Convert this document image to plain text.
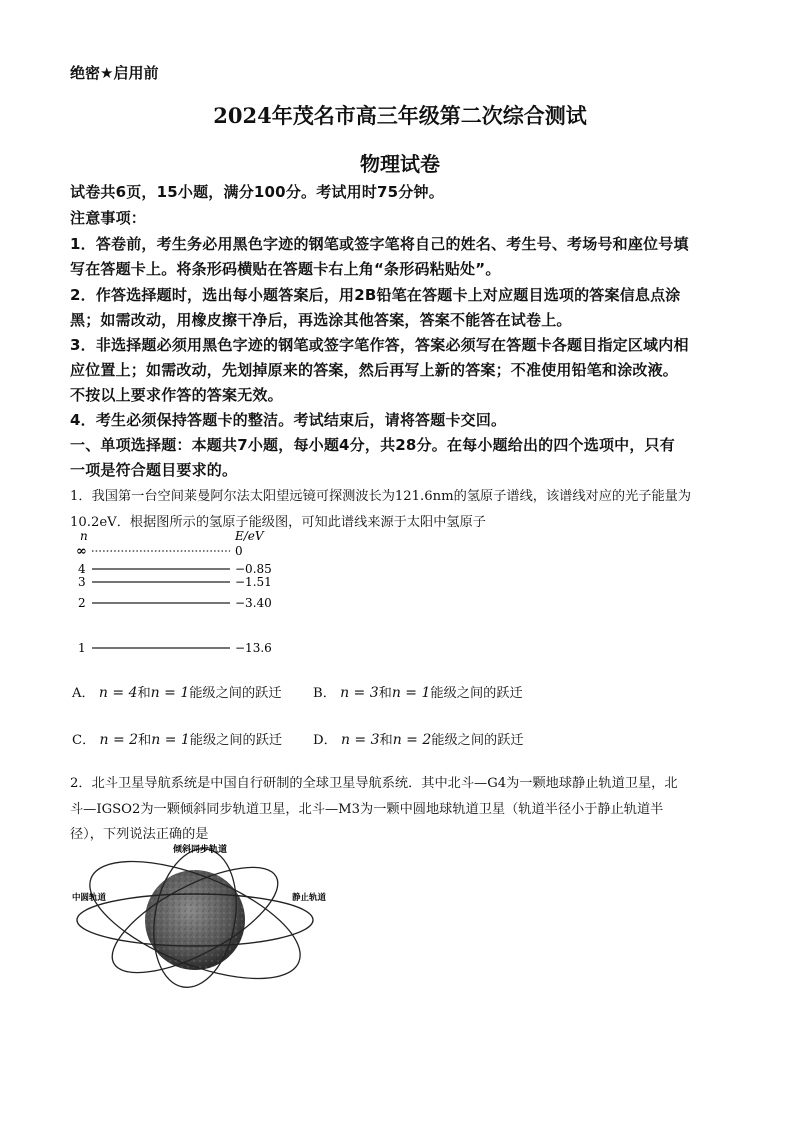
绝密★启用前
2024年茂名市高三年级第二次综合测试
物理试卷
试卷共6页，15小题，满分100分。考试用时75分钟。
注意事项：
1．答卷前，考生务必用黑色字迹的钢笔或签字笔将自己的姓名、考生号、考场号和座位号填
写在答题卡上。将条形码横贴在答题卡右上角“条形码粘贴处”。
2．作答选择题时，选出每小题答案后，用2B铅笔在答题卡上对应题目选项的答案信息点涂
黑；如需改动，用橡皮擦干净后，再选涂其他答案，答案不能答在试卷上。
3．非选择题必须用黑色字迹的钢笔或签字笔作答，答案必须写在答题卡各题目指定区域内相
应位置上；如需改动，先划掉原来的答案，然后再写上新的答案；不准使用铅笔和涂改液。
不按以上要求作答的答案无效。
4．考生必须保持答题卡的整洁。考试结束后，请将答题卡交回。
一、单项选择题：本题共7小题，每小题4分，共28分。在每小题给出的四个选项中，只有
一项是符合题目要求的。
1．我国第一台空间莱曼阿尔法太阳望远镜可探测波长为121.6nm的氢原子谱线，该谱线对应的光子能量为
10.2eV．根据图所示的氢原子能级图，可知此谱线来源于太阳中氢原子
n	E/eV
∞	0
4	−0.85
3	−1.51
2	−3.40
1	−13.6
A． n = 4和n = 1能级之间的跃迁 B． n = 3和n = 1能级之间的跃迁
C． n = 2和n = 1能级之间的跃迁 D． n = 3和n = 2能级之间的跃迁
2．北斗卫星导航系统是中国自行研制的全球卫星导航系统．其中北斗—G4为一颗地球静止轨道卫星，北
斗—IGSO2为一颗倾斜同步轨道卫星，北斗—M3为一颗中圆地球轨道卫星（轨道半径小于静止轨道半
径），下列说法正确的是
倾斜同步轨道
中圆轨道	静止轨道
